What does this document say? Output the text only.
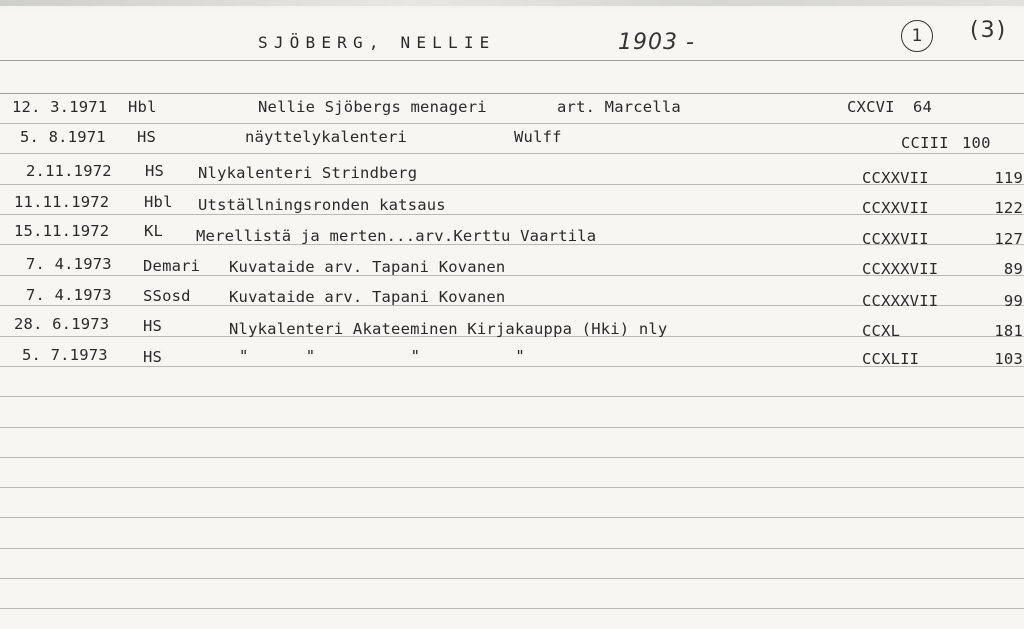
SJÖBERG, NELLIE	1903 -	1	(3)
12. 3.1971 Hbl	Nellie Sjöbergs menageri	art. Marcella	CXCVI 64
5. 8.1971 HS	näyttelykalenteri	Wulff	CCIII 100
2.11.1972 HS Nlykalenteri Strindberg	CCXXVII	119
11.11.1972 Hbl Utställningsronden katsaus	CCXXVII	122
15.11.1972 KL Merellistä ja merten...arv.Kerttu Vaartila	CCXXVII	127
7. 4.1973 Demari Kuvataide arv. Tapani Kovanen	CCXXXVII	89
7. 4.1973 SSosd Kuvataide arv. Tapani Kovanen	CCXXXVII	99
28. 6.1973 HS	Nlykalenteri Akateeminen Kirjakauppa (Hki) nly	CCXL	181
5. 7.1973 HS	"      "          "          "	CCXLII	103
